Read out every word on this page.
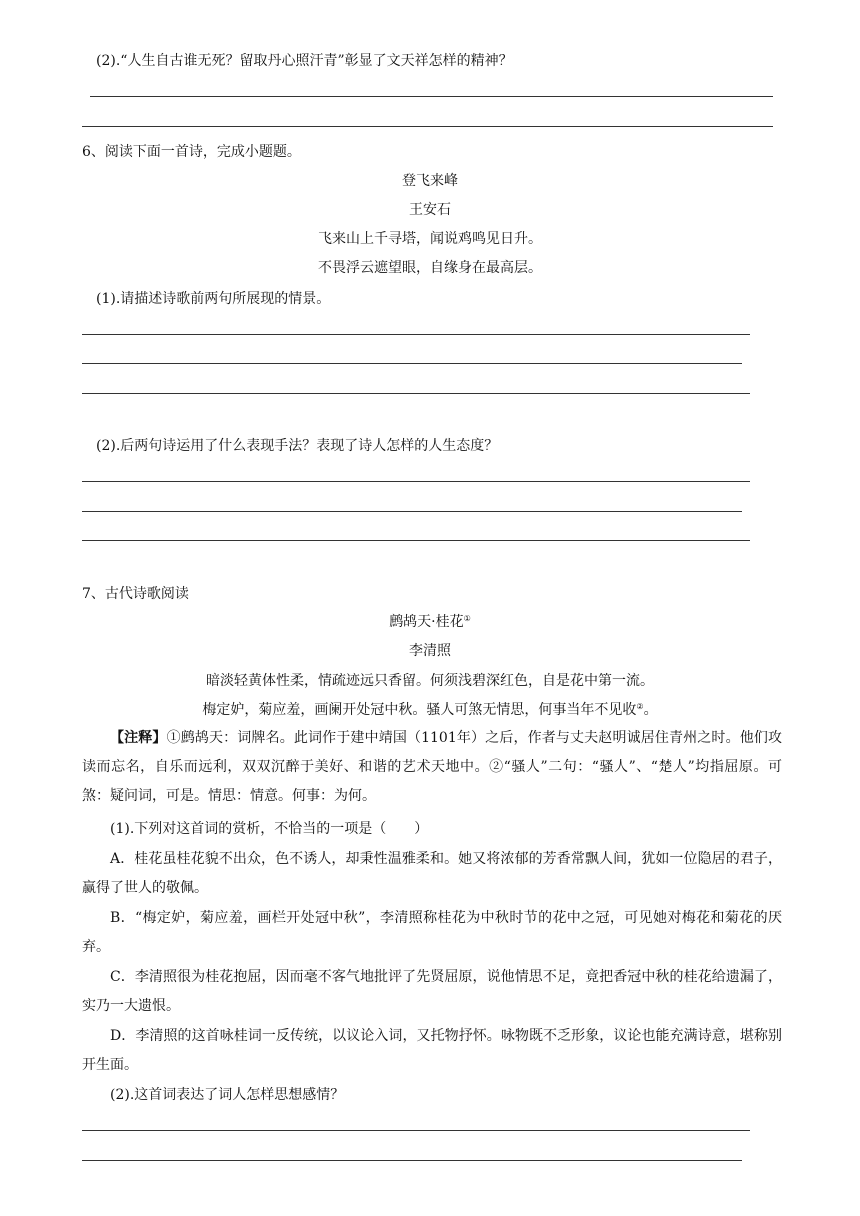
(2).“人生自古谁无死？留取丹心照汗青”彰显了文天祥怎样的精神？
6、阅读下面一首诗，完成小题题。
登飞来峰
王安石
飞来山上千寻塔，闻说鸡鸣见日升。
不畏浮云遮望眼，自缘身在最高层。
(1).请描述诗歌前两句所展现的情景。
(2).后两句诗运用了什么表现手法？表现了诗人怎样的人生态度？
7、古代诗歌阅读
鹧鸪天·桂花①
李清照
暗淡轻黄体性柔，情疏迹远只香留。何须浅碧深红色，自是花中第一流。
梅定妒，菊应羞，画阑开处冠中秋。骚人可煞无情思，何事当年不见收②。
【注释】①鹧鸪天：词牌名。此词作于建中靖国（1101年）之后，作者与丈夫赵明诚居住青州之时。他们攻读而忘名，自乐而远利，双双沉醉于美好、和谐的艺术天地中。②“骚人”二句：“骚人”、“楚人”均指屈原。可煞：疑问词，可是。情思：情意。何事：为何。
(1).下列对这首词的赏析，不恰当的一项是（　　）
A．桂花虽桂花貌不出众，色不诱人，却秉性温雅柔和。她又将浓郁的芳香常飘人间，犹如一位隐居的君子，赢得了世人的敬佩。
B．“梅定妒，菊应羞，画栏开处冠中秋”，李清照称桂花为中秋时节的花中之冠，可见她对梅花和菊花的厌弃。
C．李清照很为桂花抱屈，因而毫不客气地批评了先贤屈原，说他情思不足，竟把香冠中秋的桂花给遗漏了，实乃一大遗恨。
D．李清照的这首咏桂词一反传统，以议论入词，又托物抒怀。咏物既不乏形象，议论也能充满诗意，堪称别开生面。
(2).这首词表达了词人怎样思想感情？
